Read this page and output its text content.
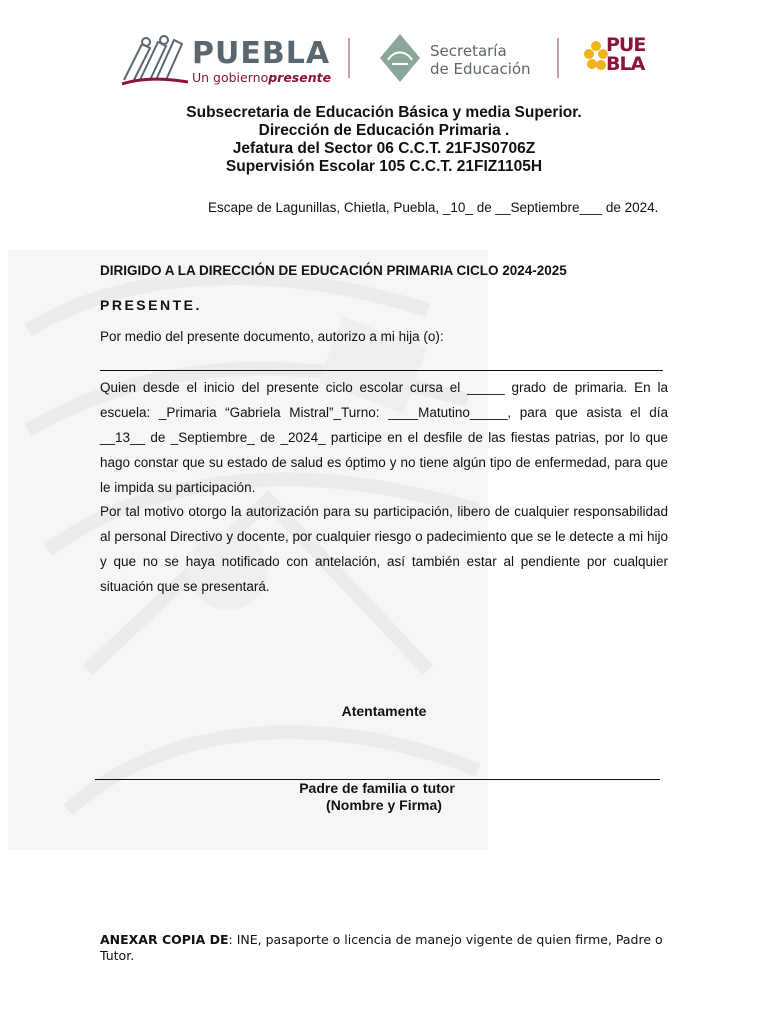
PUEBLA
Un gobiernopresente
Secretaría
de Educación
PUE
BLA
Subsecretaria de Educación Básica y media Superior.
Dirección de Educación Primaria .
Jefatura del Sector 06 C.C.T. 21FJS0706Z
Supervisión Escolar 105 C.C.T. 21FIZ1105H
Escape de Lagunillas, Chietla, Puebla, _10_ de __Septiembre___ de 2024.
DIRIGIDO A LA DIRECCIÓN DE EDUCACIÓN PRIMARIA CICLO 2024-2025
PRESENTE.
Por medio del presente documento, autorizo a mi hija (o):
Quien desde el inicio del presente ciclo escolar cursa el _____ grado de primaria. En la escuela: _Primaria “Gabriela Mistral”_Turno: ____Matutino_____, para que asista el día __13__ de _Septiembre_ de _2024_ participe en el desfile de las fiestas patrias, por lo que hago constar que su estado de salud es óptimo y no tiene algún tipo de enfermedad, para que le impida su participación.
Por tal motivo otorgo la autorización para su participación, libero de cualquier responsabilidad al personal Directivo y docente, por cualquier riesgo o padecimiento que se le detecte a mi hijo y que no se haya notificado con antelación, así también estar al pendiente por cualquier situación que se presentará.
Atentamente
Padre de familia o tutor
(Nombre y Firma)
ANEXAR COPIA DE: INE, pasaporte o licencia de manejo vigente de quien firme, Padre o Tutor.
